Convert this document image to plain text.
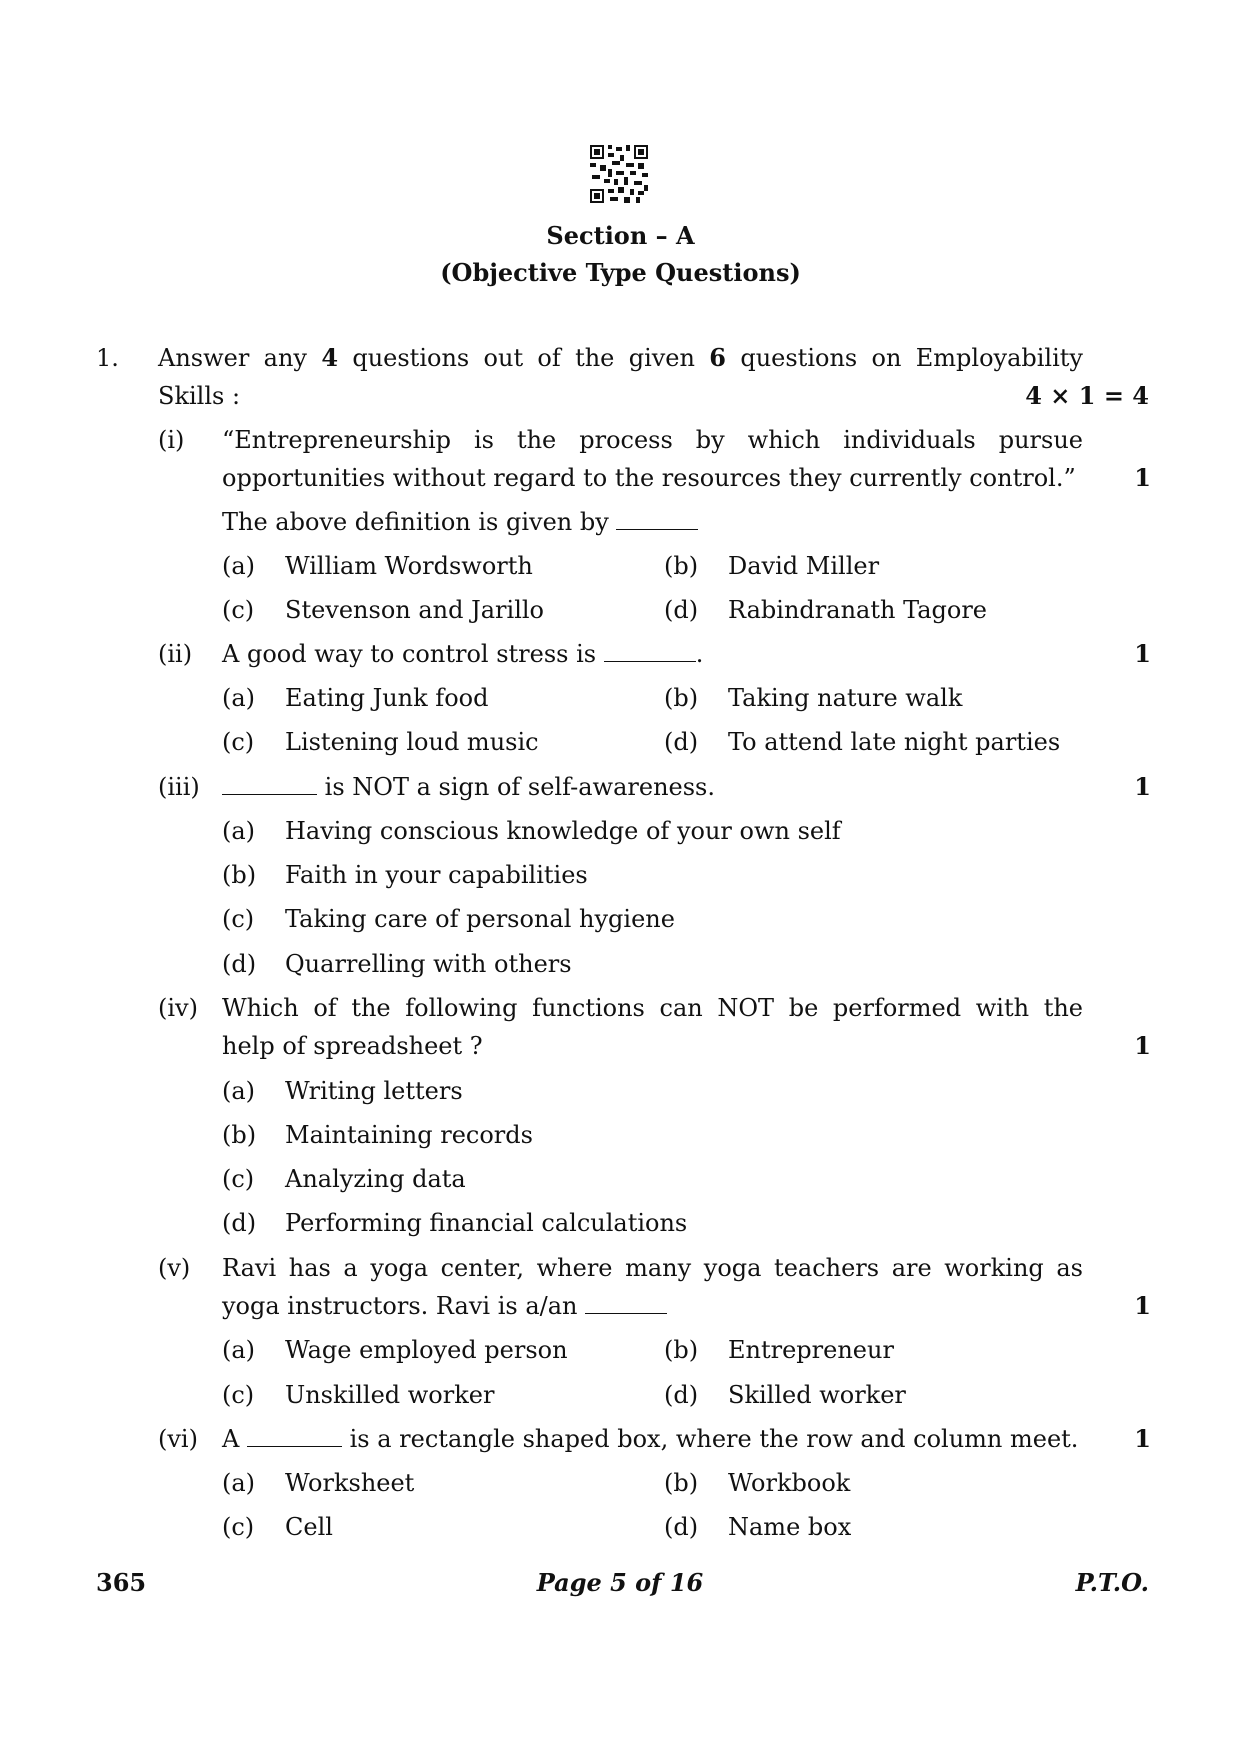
Section – A
(Objective Type Questions)
1. Answer any 4 questions out of the given 6 questions on Employability
Skills :	4 × 1 = 4
(i) “Entrepreneurship is the process by which individuals pursue
opportunities without regard to the resources they currently control.” 1
The above definition is given by
(a) William Wordsworth	(b) David Miller
(c) Stevenson and Jarillo	(d) Rabindranath Tagore
(ii) A good way to control stress is	.	1
(a) Eating Junk food	(b) Taking nature walk
(c) Listening loud music	(d) To attend late night parties
(iii)	is NOT a sign of self-awareness.	1
(a) Having conscious knowledge of your own self
(b) Faith in your capabilities
(c) Taking care of personal hygiene
(d) Quarrelling with others
(iv) Which of the following functions can NOT be performed with the
help of spreadsheet ?	1
(a) Writing letters
(b) Maintaining records
(c) Analyzing data
(d) Performing financial calculations
(v) Ravi has a yoga center, where many yoga teachers are working as
yoga instructors. Ravi is a/an	1
(a) Wage employed person	(b) Entrepreneur
(c) Unskilled worker	(d) Skilled worker
(vi) A	is a rectangle shaped box, where the row and column meet. 1
(a) Worksheet	(b) Workbook
(c) Cell	(d) Name box
365	Page 5 of 16	P.T.O.
